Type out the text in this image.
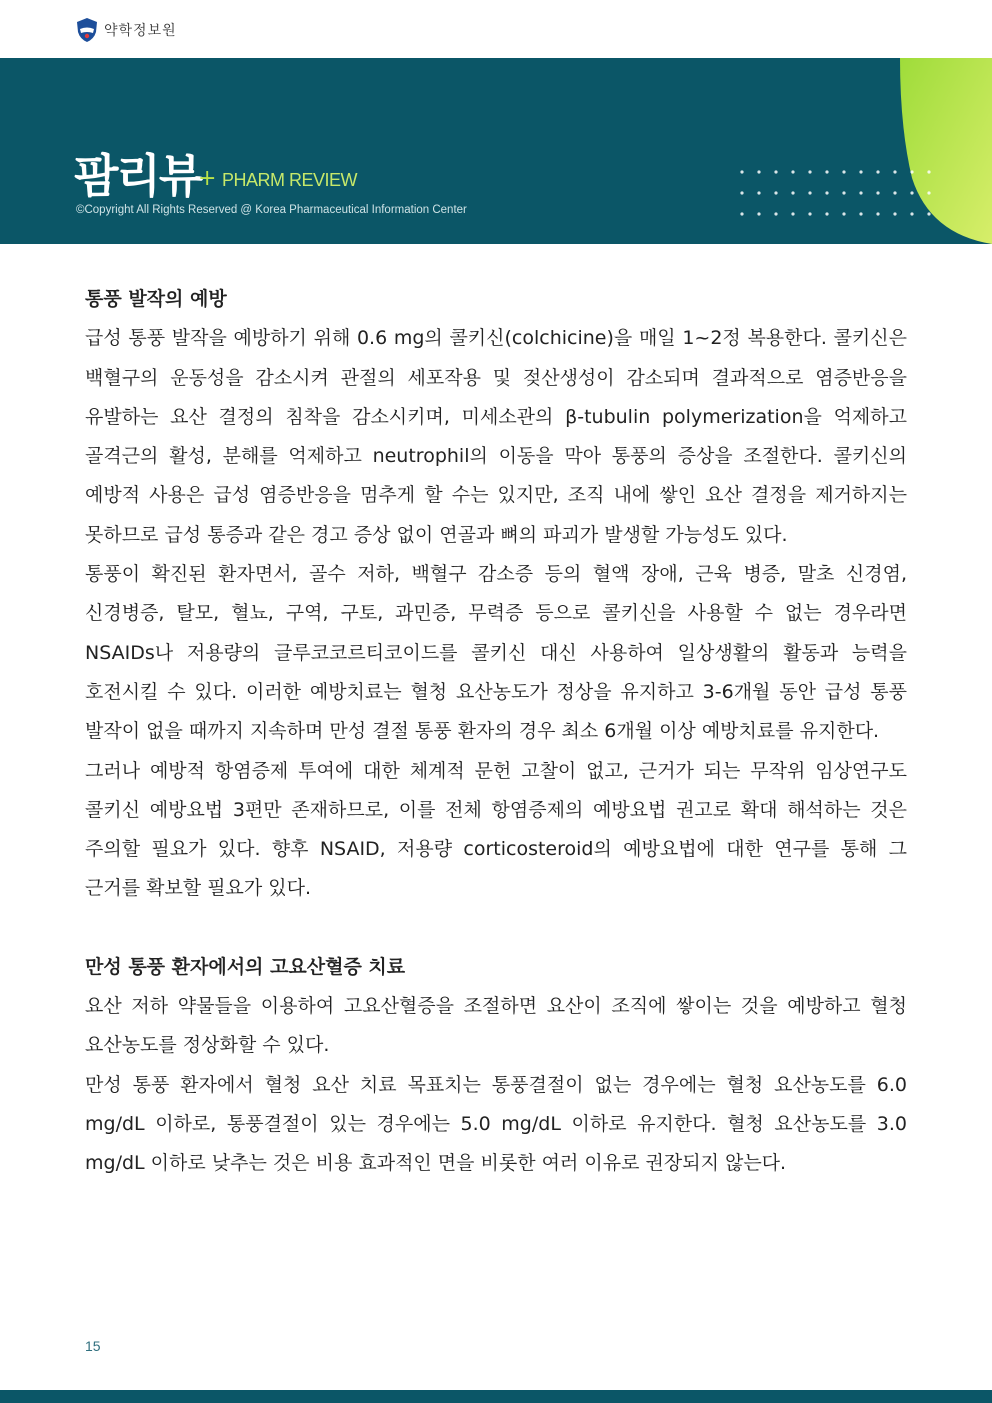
약학정보원
팜리뷰
+ PHARM REVIEW
©Copyright All Rights Reserved @ Korea Pharmaceutical Information Center
통풍 발작의 예방

급성 통풍 발작을 예방하기 위해 0.6 mg의 콜키신(colchicine)을 매일 1~2정 복용한다. 콜키신은 백혈구의 운동성을 감소시켜 관절의 세포작용 및 젖산생성이 감소되며 결과적으로 염증반응을 유발하는 요산 결정의 침착을 감소시키며, 미세소관의 β-tubulin polymerization을 억제하고 골격근의 활성, 분해를 억제하고 neutrophil의 이동을 막아 통풍의 증상을 조절한다. 콜키신의 예방적 사용은 급성 염증반응을 멈추게 할 수는 있지만, 조직 내에 쌓인 요산 결정을 제거하지는 못하므로 급성 통증과 같은 경고 증상 없이 연골과 뼈의 파괴가 발생할 가능성도 있다.

통풍이 확진된 환자면서, 골수 저하, 백혈구 감소증 등의 혈액 장애, 근육 병증, 말초 신경염, 신경병증, 탈모, 혈뇨, 구역, 구토, 과민증, 무력증 등으로 콜키신을 사용할 수 없는 경우라면 NSAIDs나 저용량의 글루코코르티코이드를 콜키신 대신 사용하여 일상생활의 활동과 능력을 호전시킬 수 있다. 이러한 예방치료는 혈청 요산농도가 정상을 유지하고 3-6개월 동안 급성 통풍 발작이 없을 때까지 지속하며 만성 결절 통풍 환자의 경우 최소 6개월 이상 예방치료를 유지한다.

그러나 예방적 항염증제 투여에 대한 체계적 문헌 고찰이 없고, 근거가 되는 무작위 임상연구도 콜키신 예방요법 3편만 존재하므로, 이를 전체 항염증제의 예방요법 권고로 확대 해석하는 것은 주의할 필요가 있다. 향후 NSAID, 저용량 corticosteroid의 예방요법에 대한 연구를 통해 그 근거를 확보할 필요가 있다.

만성 통풍 환자에서의 고요산혈증 치료

요산 저하 약물들을 이용하여 고요산혈증을 조절하면 요산이 조직에 쌓이는 것을 예방하고 혈청 요산농도를 정상화할 수 있다.

만성 통풍 환자에서 혈청 요산 치료 목표치는 통풍결절이 없는 경우에는 혈청 요산농도를 6.0 mg/dL 이하로, 통풍결절이 있는 경우에는 5.0 mg/dL 이하로 유지한다. 혈청 요산농도를 3.0 mg/dL 이하로 낮추는 것은 비용 효과적인 면을 비롯한 여러 이유로 권장되지 않는다.

15
